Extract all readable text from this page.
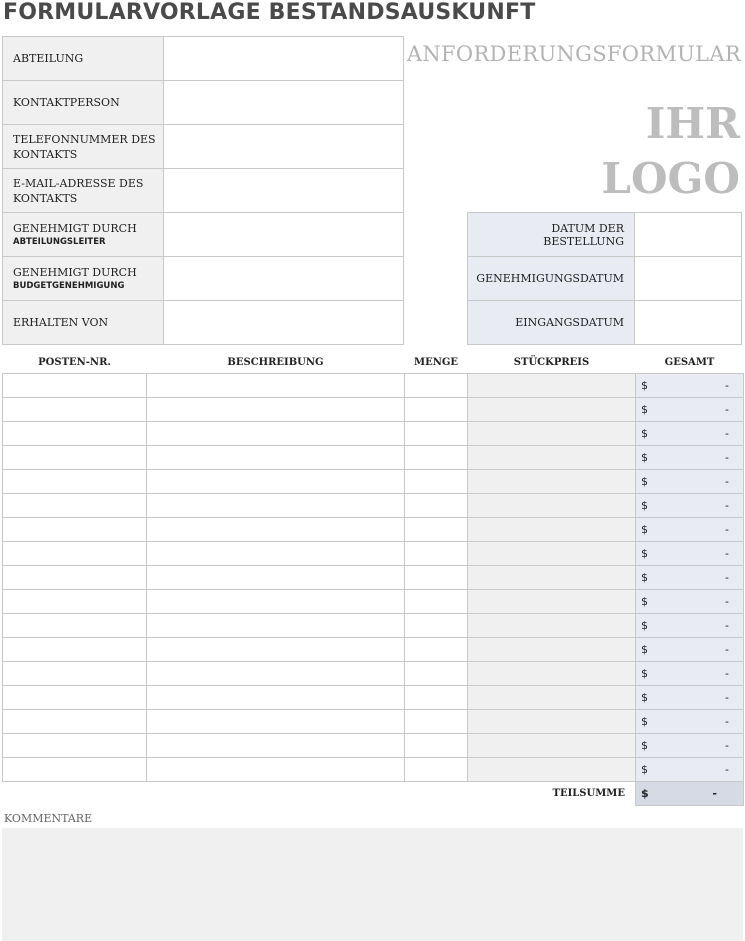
FORMULARVORLAGE BESTANDSAUSKUNFT
ABTEILUNG	
KONTAKTPERSON	
TELEFONNUMMER DES KONTAKTS	
E-MAIL-ADRESSE DES KONTAKTS	
GENEHMIGT DURCH
ABTEILUNGSLEITER	

GENEHMIGT DURCH
BUDGETGENEHMIGUNG	

ERHALTEN VON	
ANFORDERUNGSFORMULAR
IHR
LOGO
DATUM DER BESTELLUNG	
GENEHMIGUNGSDATUM	
EINGANGSDATUM	
POSTEN-NR.	BESCHREIBUNG	MENGE	STÜCKPREIS	GESAMT

				$ -

				$ -

				$ -

				$ -

				$ -

				$ -

				$ -

				$ -

				$ -

				$ -

				$ -

				$ -

				$ -

				$ -

				$ -

				$ -

				$ -

			TEILSUMME	$ -
KOMMENTARE
